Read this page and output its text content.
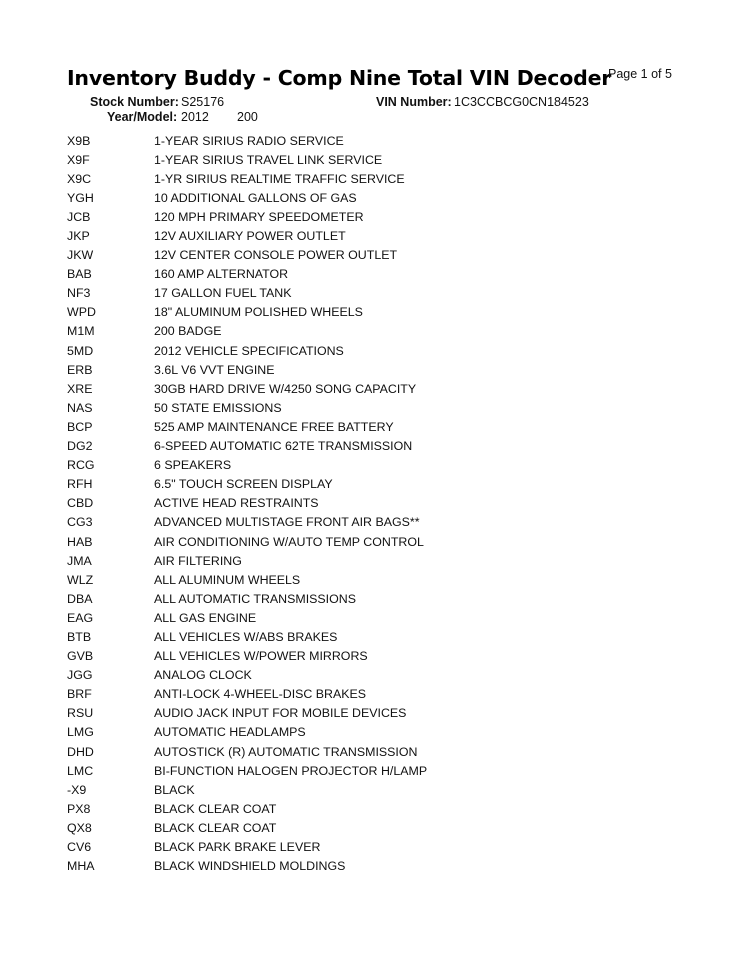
Inventory Buddy - Comp Nine Total VIN Decoder
Page 1 of 5
Stock Number: S25176	VIN Number: 1C3CCBCG0CN184523
Year/Model: 2012 200
X9B	1-YEAR SIRIUS RADIO SERVICE
X9F	1-YEAR SIRIUS TRAVEL LINK SERVICE
X9C	1-YR SIRIUS REALTIME TRAFFIC SERVICE
YGH	10 ADDITIONAL GALLONS OF GAS
JCB	120 MPH PRIMARY SPEEDOMETER
JKP	12V AUXILIARY POWER OUTLET
JKW	12V CENTER CONSOLE POWER OUTLET
BAB	160 AMP ALTERNATOR
NF3	17 GALLON FUEL TANK
WPD	18" ALUMINUM POLISHED WHEELS
M1M	200 BADGE
5MD	2012 VEHICLE SPECIFICATIONS
ERB	3.6L V6 VVT ENGINE
XRE	30GB HARD DRIVE W/4250 SONG CAPACITY
NAS	50 STATE EMISSIONS
BCP	525 AMP MAINTENANCE FREE BATTERY
DG2	6-SPEED AUTOMATIC 62TE TRANSMISSION
RCG	6 SPEAKERS
RFH	6.5" TOUCH SCREEN DISPLAY
CBD	ACTIVE HEAD RESTRAINTS
CG3	ADVANCED MULTISTAGE FRONT AIR BAGS**
HAB	AIR CONDITIONING W/AUTO TEMP CONTROL
JMA	AIR FILTERING
WLZ	ALL ALUMINUM WHEELS
DBA	ALL AUTOMATIC TRANSMISSIONS
EAG	ALL GAS ENGINE
BTB	ALL VEHICLES W/ABS BRAKES
GVB	ALL VEHICLES W/POWER MIRRORS
JGG	ANALOG CLOCK
BRF	ANTI-LOCK 4-WHEEL-DISC BRAKES
RSU	AUDIO JACK INPUT FOR MOBILE DEVICES
LMG	AUTOMATIC HEADLAMPS
DHD	AUTOSTICK (R) AUTOMATIC TRANSMISSION
LMC	BI-FUNCTION HALOGEN PROJECTOR H/LAMP
-X9	BLACK
PX8	BLACK CLEAR COAT
QX8	BLACK CLEAR COAT
CV6	BLACK PARK BRAKE LEVER
MHA	BLACK WINDSHIELD MOLDINGS
